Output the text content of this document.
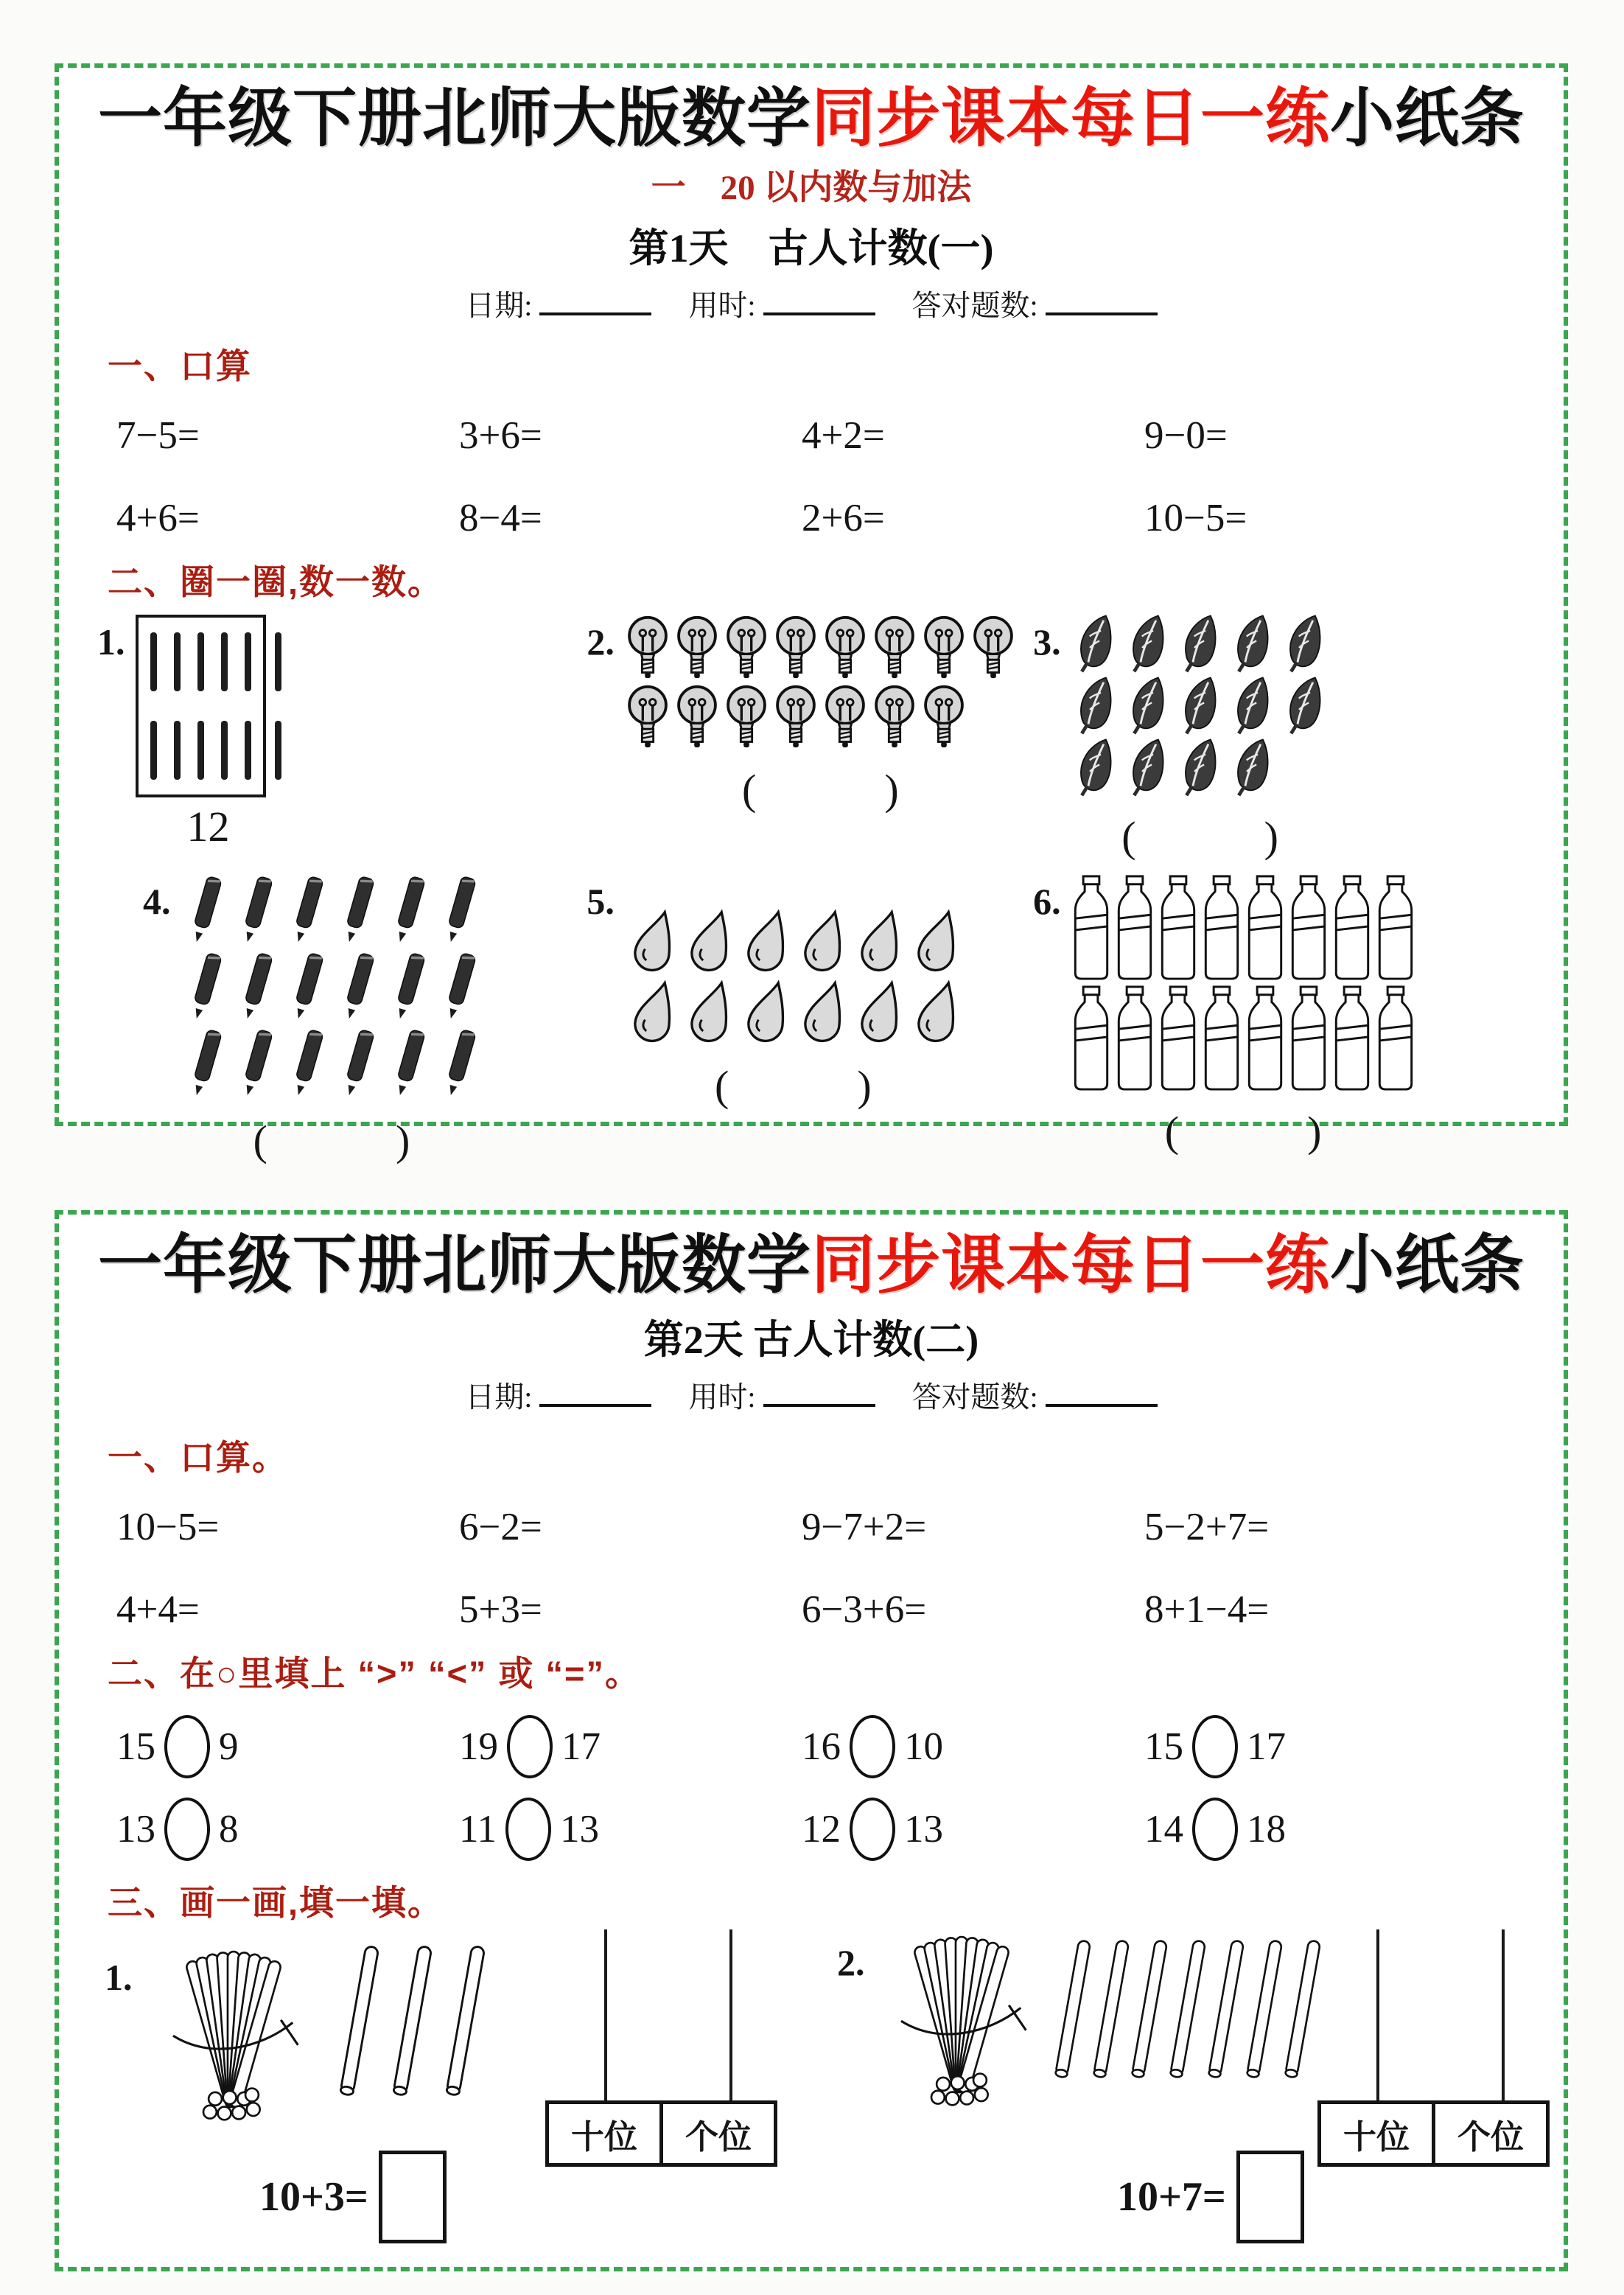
一年级下册北师大版数学同步课本每日一练小纸条
一　20 以内数与加法
第1天　古人计数(一)
日期:	用时:	答对题数:
一、口算
7−5=	3+6=	4+2=	9−0=
4+6=	8−4=	2+6=	10−5=
二、圈一圈,数一数。
1.
12
2.
(　　　)
3.
(　　　)
4.
(　　　)
5.
(　　　)
6.
(　　　)
一年级下册北师大版数学同步课本每日一练小纸条
第2天 古人计数(二)
日期:	用时:	答对题数:
一、口算。
10−5=	6−2=	9−7+2=	5−2+7=
4+4=	5+3=	6−3+6=	8+1−4=
二、在○里填上 “>” “<” 或 “=”。
15 9	19 17	16 10	15 17
13 8	11 13	12 13	14 18
三、画一画,填一填。
1.
十位	个位
10+3=
2.
十位	个位
10+7=
